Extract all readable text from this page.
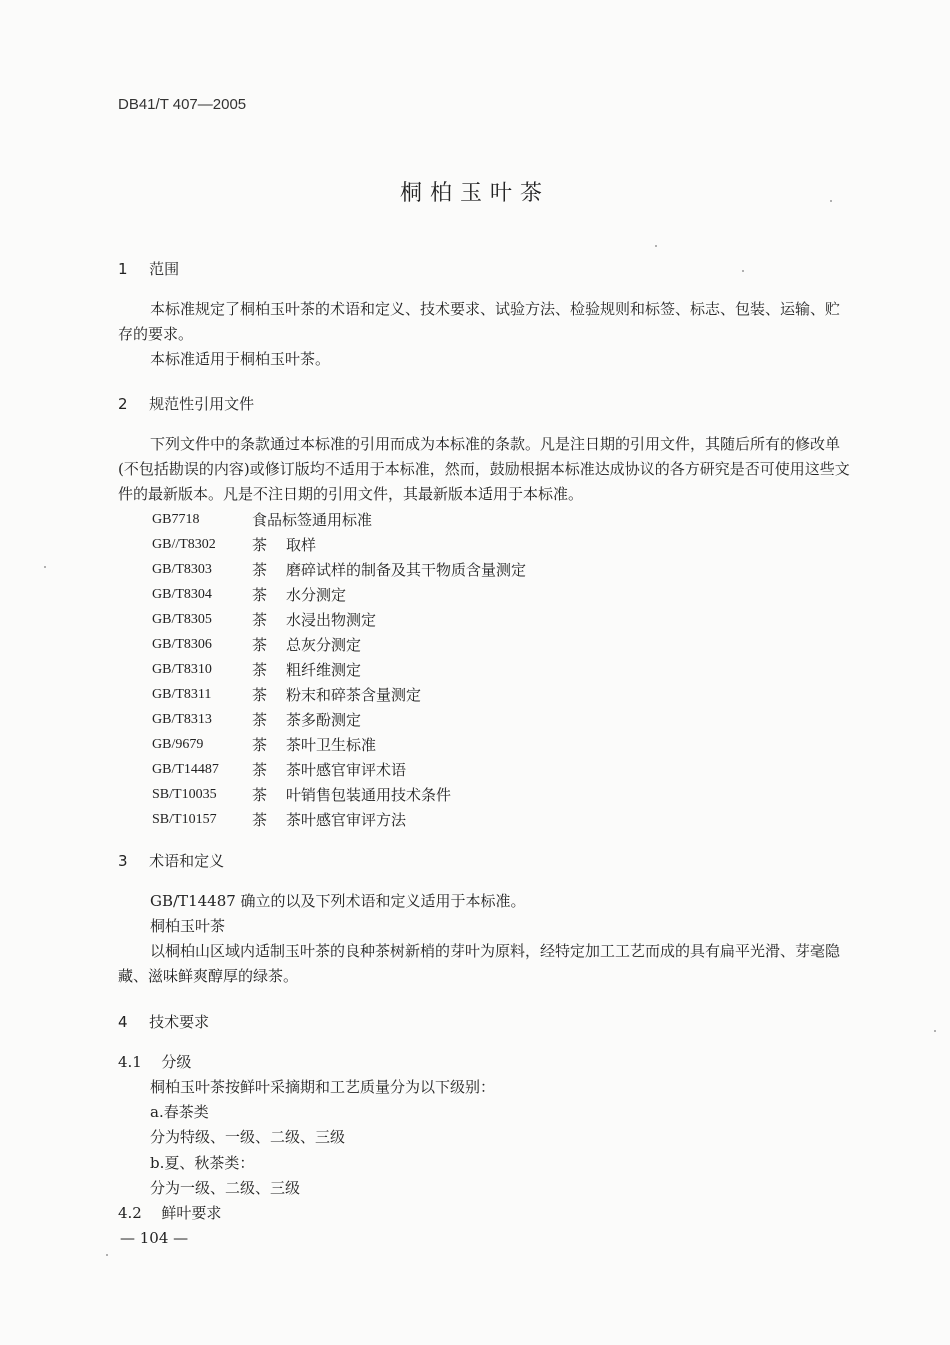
DB41/T 407—2005
桐柏玉叶茶
1 范围
本标准规定了桐柏玉叶茶的术语和定义、技术要求、试验方法、检验规则和标签、标志、包装、运输、贮存的要求。
本标准适用于桐柏玉叶茶。
2 规范性引用文件
下列文件中的条款通过本标准的引用而成为本标准的条款。凡是注日期的引用文件，其随后所有的修改单(不包括勘误的内容)或修订版均不适用于本标准，然而，鼓励根据本标准达成协议的各方研究是否可使用这些文件的最新版本。凡是不注日期的引用文件，其最新版本适用于本标准。
GB7718	食品标签通用标准
GB//T8302 茶 取样
GB/T8303	茶 磨碎试样的制备及其干物质含量测定
GB/T8304	茶 水分测定
GB/T8305	茶 水浸出物测定
GB/T8306	茶 总灰分测定
GB/T8310	茶 粗纤维测定
GB/T8311	茶 粉末和碎茶含量测定
GB/T8313	茶 茶多酚测定
GB/9679	茶 茶叶卫生标准
GB/T14487 茶 茶叶感官审评术语
SB/T10035 茶 叶销售包装通用技术条件
SB/T10157 茶 茶叶感官审评方法
3 术语和定义
GB/T14487 确立的以及下列术语和定义适用于本标准。
桐柏玉叶茶
以桐柏山区域内适制玉叶茶的良种茶树新梢的芽叶为原料，经特定加工工艺而成的具有扁平光滑、芽毫隐藏、滋味鲜爽醇厚的绿茶。
4 技术要求
4.1 分级
桐柏玉叶茶按鲜叶采摘期和工艺质量分为以下级别：
a.春茶类
分为特级、一级、二级、三级
b.夏、秋茶类：
分为一级、二级、三级
4.2 鲜叶要求
— 104 —
